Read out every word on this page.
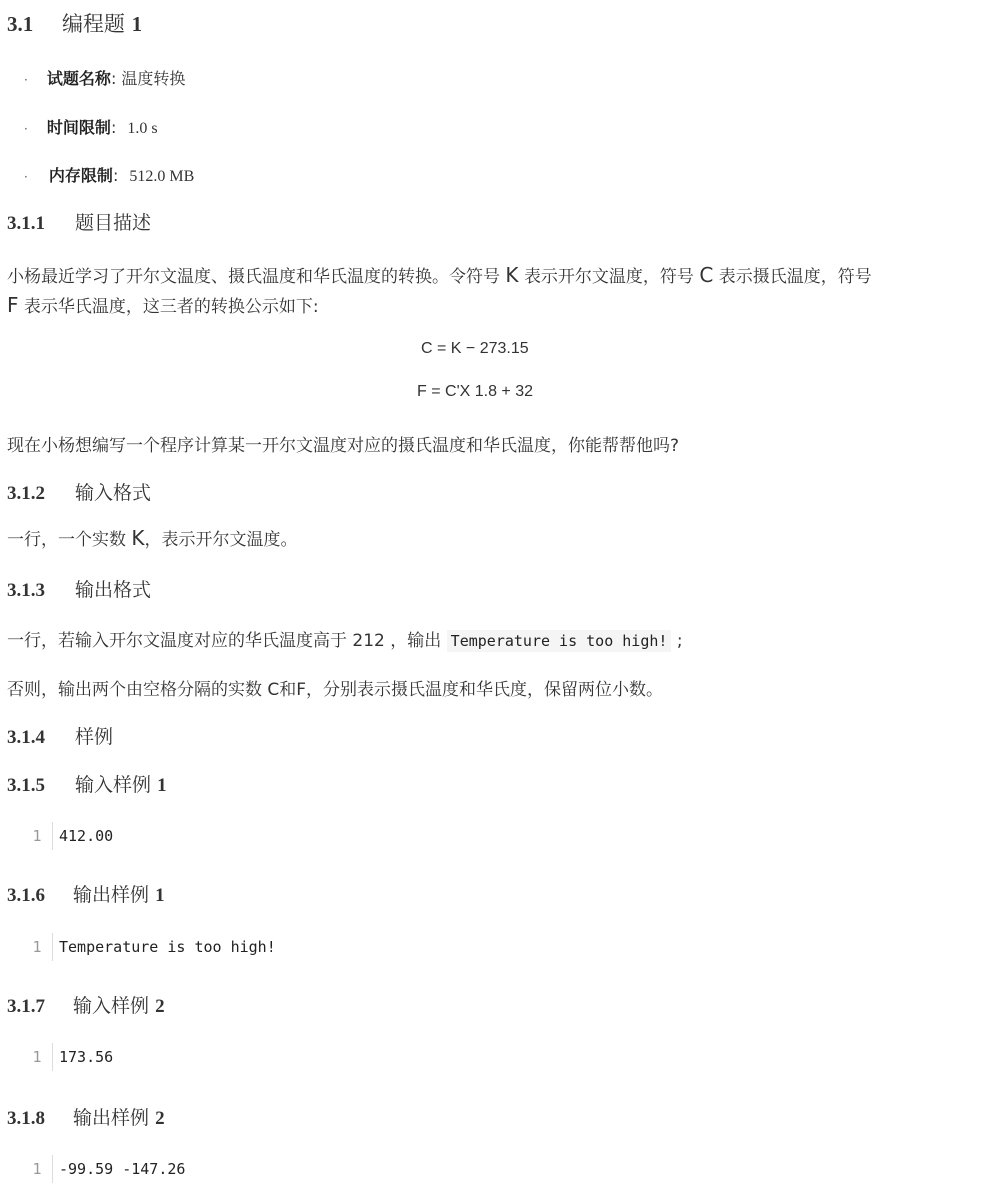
3.1 编程题 1
· 试题名称: 温度转换
· 时间限制: 1.0 s
· 内存限制: 512.0 MB
3.1.1 题目描述
小杨最近学习了开尔文温度、摄氏温度和华氏温度的转换。令符号 K 表示开尔文温度，符号 C 表示摄氏温度，符号
F 表示华氏温度，这三者的转换公示如下:
C = K − 273.15
F = C'X 1.8 + 32
现在小杨想编写一个程序计算某一开尔文温度对应的摄氏温度和华氏温度，你能帮帮他吗?
3.1.2 输入格式
一行，一个实数 K，表示开尔文温度。
3.1.3 输出格式
一行，若输入开尔文温度对应的华氏温度高于 212 ，输出 Temperature is too high! ;
否则，输出两个由空格分隔的实数 C和F，分别表示摄氏温度和华氏度，保留两位小数。
3.1.4 样例
3.1.5 输入样例 1
1	412.00
3.1.6 输出样例 1
1	Temperature is too high!
3.1.7 输入样例 2
1	173.56
3.1.8 输出样例 2
1	-99.59 -147.26
